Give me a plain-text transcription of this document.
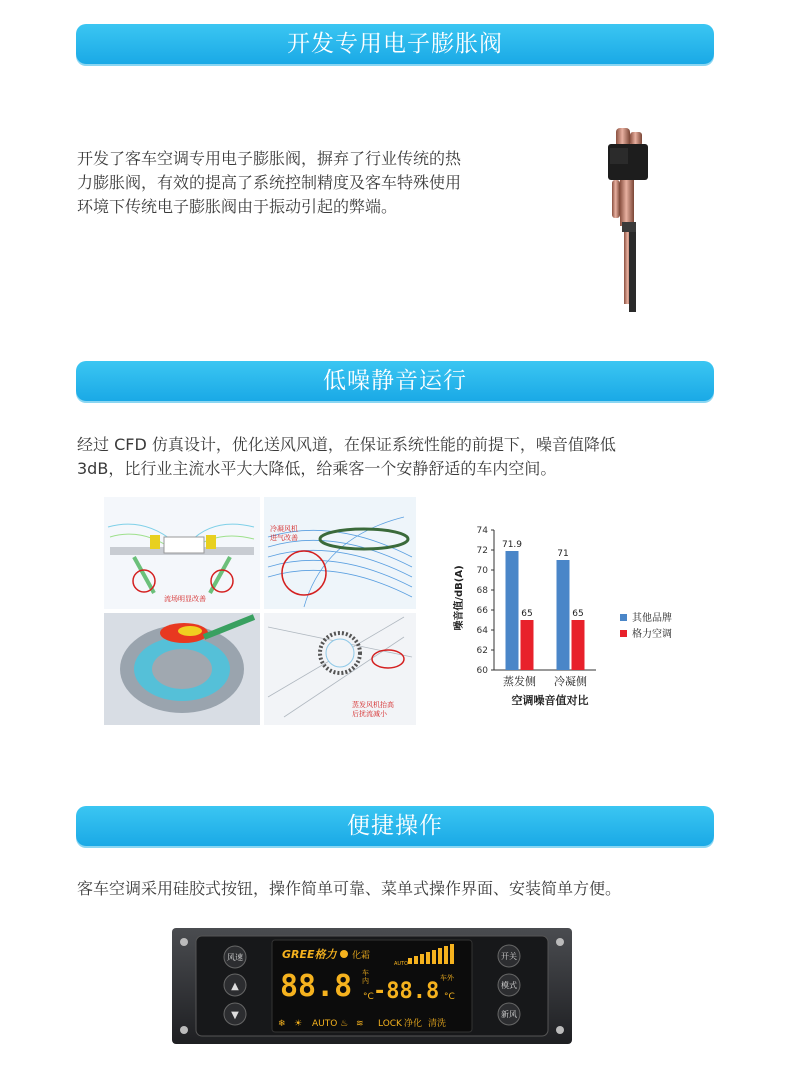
开发专用电子膨胀阀
低噪静音运行
便捷操作
开发了客车空调专用电子膨胀阀，摒弃了行业传统的热
力膨胀阀，有效的提高了系统控制精度及客车特殊使用
环境下传统电子膨胀阀由于振动引起的弊端。
经过 CFD 仿真设计，优化送风风道，在保证系统性能的前提下，噪音值降低
3dB，比行业主流水平大大降低，给乘客一个安静舒适的车内空间。
流场明显改善
冷凝风机
进气改善
蒸发风机抬高
后扰流减小
60
62
64
66
68
70
72
74
蒸发侧 冷凝侧
71.9
65
71
65	其他品牌
格力空调
噪音值/dB(A)
空调噪音值对比
客车空调采用硅胶式按钮，操作简单可靠、菜单式操作界面、安装简单方便。
风速
▲
▼
开关
模式
新风
GREE格力 化霜
AUTO
88.8 车
内
°C -88.8
车外
°C
❄ ☀ AUTO ♨ ≋ LOCK 净化 清洗
